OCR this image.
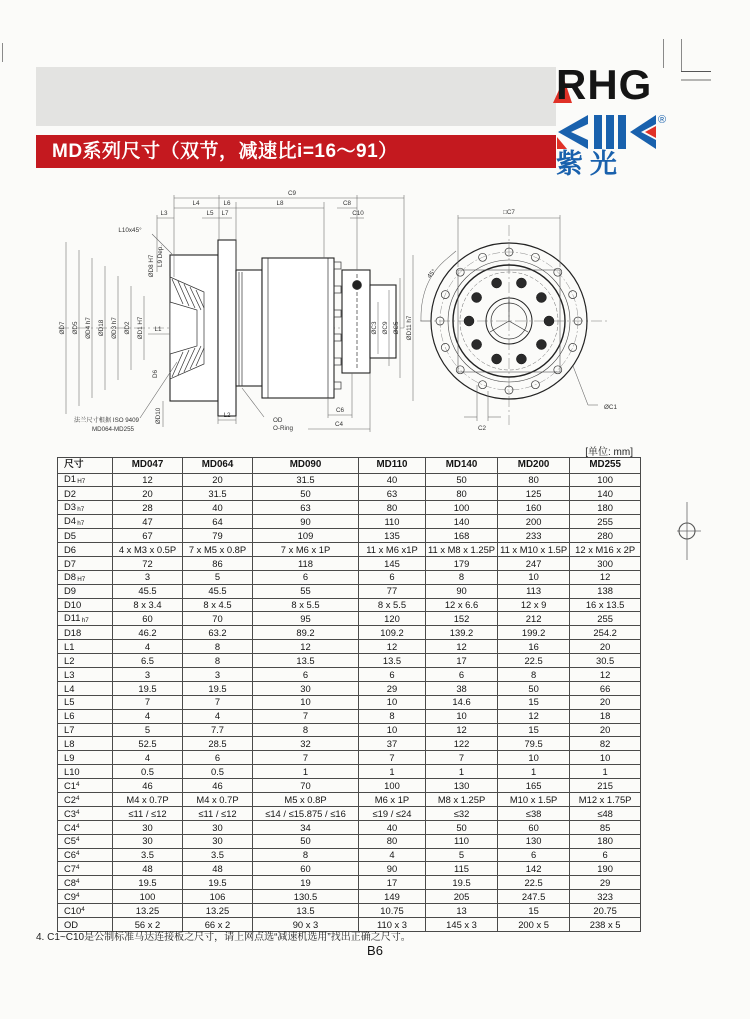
MD系列尺寸（双节，减速比i=16～91）
RHG

®
紫光
C9
L4	L6	L8	C8
L3	L5 L7	C10
L10x45°
ØD7 ØD5 ØD4 h7 ØD18 ØD3 h7 ØD2 ØD1 H7
ØD8 H7 L9 Dep.
L1
D6
ØD10	L2
OD
O-Ring
C6
C4
ØC3 ØC9 ØC5 ØD11 h7
法兰尺寸根据 ISO 9409
MD064-MD255
□C7
45°
C2
ØC1
[单位: mm]
尺寸	MD047	MD064	MD090	MD110	MD140	MD200	MD255
D1 $_{H7}$	12	20	31.5	40	50	80	100
D2	20	31.5	50	63	80	125	140
D3 $_{h7}$	28	40	63	80	100	160	180
D4 $_{h7}$	47	64	90	110	140	200	255
D5	67	79	109	135	168	233	280
D6	4 x M3 x 0.5P	7 x M5 x 0.8P	7 x M6 x 1P	11 x M6 x1P	11 x M8 x 1.25P	11 x M10 x 1.5P	12 x M16 x 2P
D7	72	86	118	145	179	247	300
D8 $_{H7}$	3	5	6	6	8	10	12
D9	45.5	45.5	55	77	90	113	138
D10	8 x 3.4	8 x 4.5	8 x 5.5	8 x 5.5	12 x 6.6	12 x 9	16 x 13.5
D11 $_{h7}$	60	70	95	120	152	212	255
D18	46.2	63.2	89.2	109.2	139.2	199.2	254.2
L1	4	8	12	12	12	16	20
L2	6.5	8	13.5	13.5	17	22.5	30.5
L3	3	3	6	6	6	8	12
L4	19.5	19.5	30	29	38	50	66
L5	7	7	10	10	14.6	15	20
L6	4	4	7	8	10	12	18
L7	5	7.7	8	10	12	15	20
L8	52.5	28.5	32	37	122	79.5	82
L9	4	6	7	7	7	10	10
L10	0.5	0.5	1	1	1	1	1
$C1^4$	46	46	70	100	130	165	215
$C2^4$	M4 x 0.7P	M4 x 0.7P	M5 x 0.8P	M6 x 1P	M8 x 1.25P	M10 x 1.5P	M12 x 1.75P
$C3^4$	≤11 / ≤12	≤11 / ≤12	≤14 / ≤15.875 / ≤16	≤19 / ≤24	≤32	≤38	≤48
$C4^4$	30	30	34	40	50	60	85
$C5^4$	30	30	50	80	110	130	180
$C6^4$	3.5	3.5	8	4	5	6	6
$C7^4$	48	48	60	90	115	142	190
$C8^4$	19.5	19.5	19	17	19.5	22.5	29
$C9^4$	100	106	130.5	149	205	247.5	323
$C10^4$	13.25	13.25	13.5	10.75	13	15	20.75
OD	56 x 2	66 x 2	90 x 3	110 x 3	145 x 3	200 x 5	238 x 5
4. C1~C10是公制标准马达连接板之尺寸，请上网点选“减速机选用”找出正确之尺寸。
B6
